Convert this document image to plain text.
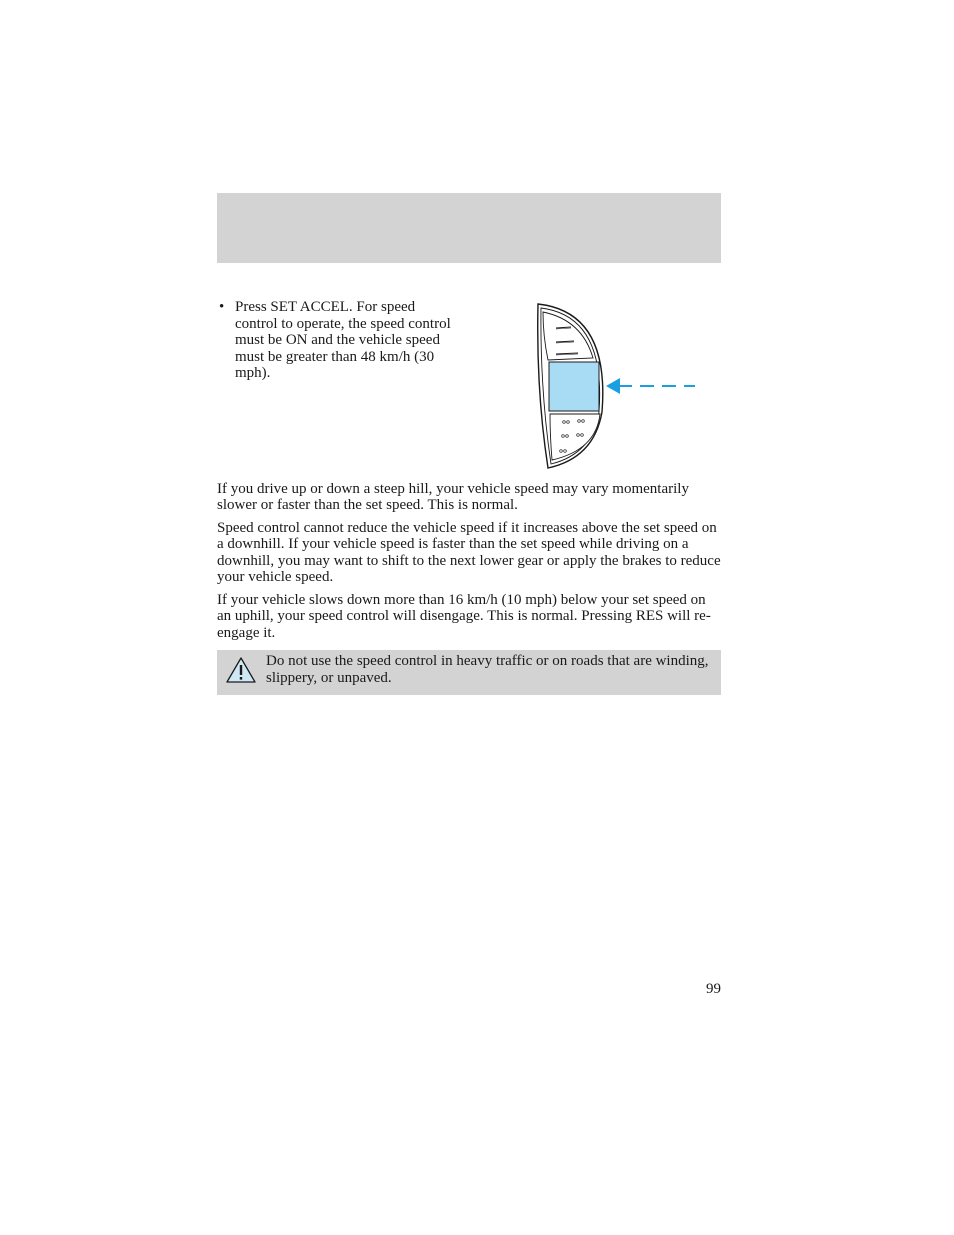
• Press SET ACCEL. For speed control to operate, the speed control must be ON and the vehicle speed must be greater than 48 km/h (30 mph).

If you drive up or down a steep hill, your vehicle speed may vary momentarily slower or faster than the set speed. This is normal.

Speed control cannot reduce the vehicle speed if it increases above the set speed on a downhill. If your vehicle speed is faster than the set speed while driving on a downhill, you may want to shift to the next lower gear or apply the brakes to reduce your vehicle speed.

If your vehicle slows down more than 16 km/h (10 mph) below your set speed on an uphill, your speed control will disengage. This is normal. Pressing RES will re-engage it.

Do not use the speed control in heavy traffic or on roads that are winding, slippery, or unpaved.
99
